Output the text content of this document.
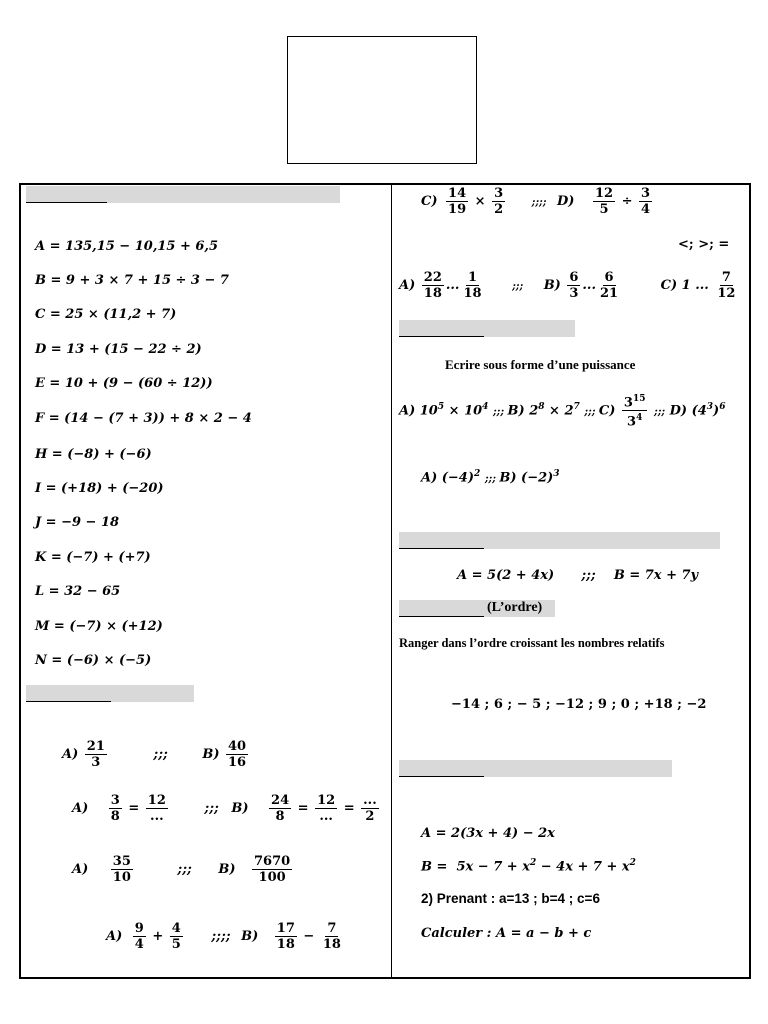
A = 135,15 − 10,15 + 6,5
B = 9 + 3 × 7 + 15 ÷ 3 − 7
C = 25 × (11,2 + 7)
D = 13 + (15 − 22 ÷ 2)
E = 10 + (9 − (60 ÷ 12))
F = (14 − (7 + 3)) + 8 × 2 − 4
H = (−8) + (−6)
I = (+18) + (−20)
J = −9 − 18
K = (−7) + (+7)
L = 32 − 65
M = (−7) × (+12)
N = (−6) × (−5)
$A) \frac{21}{3}$	;;;	$B) \frac{40}{16}$
$A) \frac{3}{8} = \frac{12}{...}$	;;; $B) \frac{24}{8} = \frac{12}{...} = \frac{...}{2}$
$A) \frac{35}{10}$	;;; $B) \frac{7670}{100}$
$A) \frac{9}{4} + \frac{4}{5}$ ;;;; $B) \frac{17}{18} - \frac{7}{18}$
$C) \frac{14}{19} \times \frac{3}{2}$	;;;; $D) \frac{12}{5} \div \frac{3}{4}$
<; >; =
$A) \frac{22}{18}$ ... $\frac{1}{18}$	;;; $B) \frac{6}{3}$ ... $\frac{6}{21}$	C) 1 ... $\frac{7}{12}$
Ecrire sous forme d’une puissance
A) $10^5 \times 10^4$ ;;; B) $2^8 \times 2^7$ ;;; $C) \frac{3^{15}}{3^4}$ ;;; D) $(4^3)^6$
A) $(-4)^2$ ;;; B) $(-2)^3$
A = 5(2 + 4x)      ;;;    B = 7x + 7y
(L’ordre)
Ranger dans l’ordre croissant les nombres relatifs
−14 ; 6 ; − 5 ; −12 ; 9 ; 0 ; +18 ; −2
A = 2(3x + 4) − 2x
$B = 5x - 7 + x^2 - 4x + 7 + x^2$
2) Prenant : a=13 ; b=4 ; c=6
Calculer : A = a − b + c
